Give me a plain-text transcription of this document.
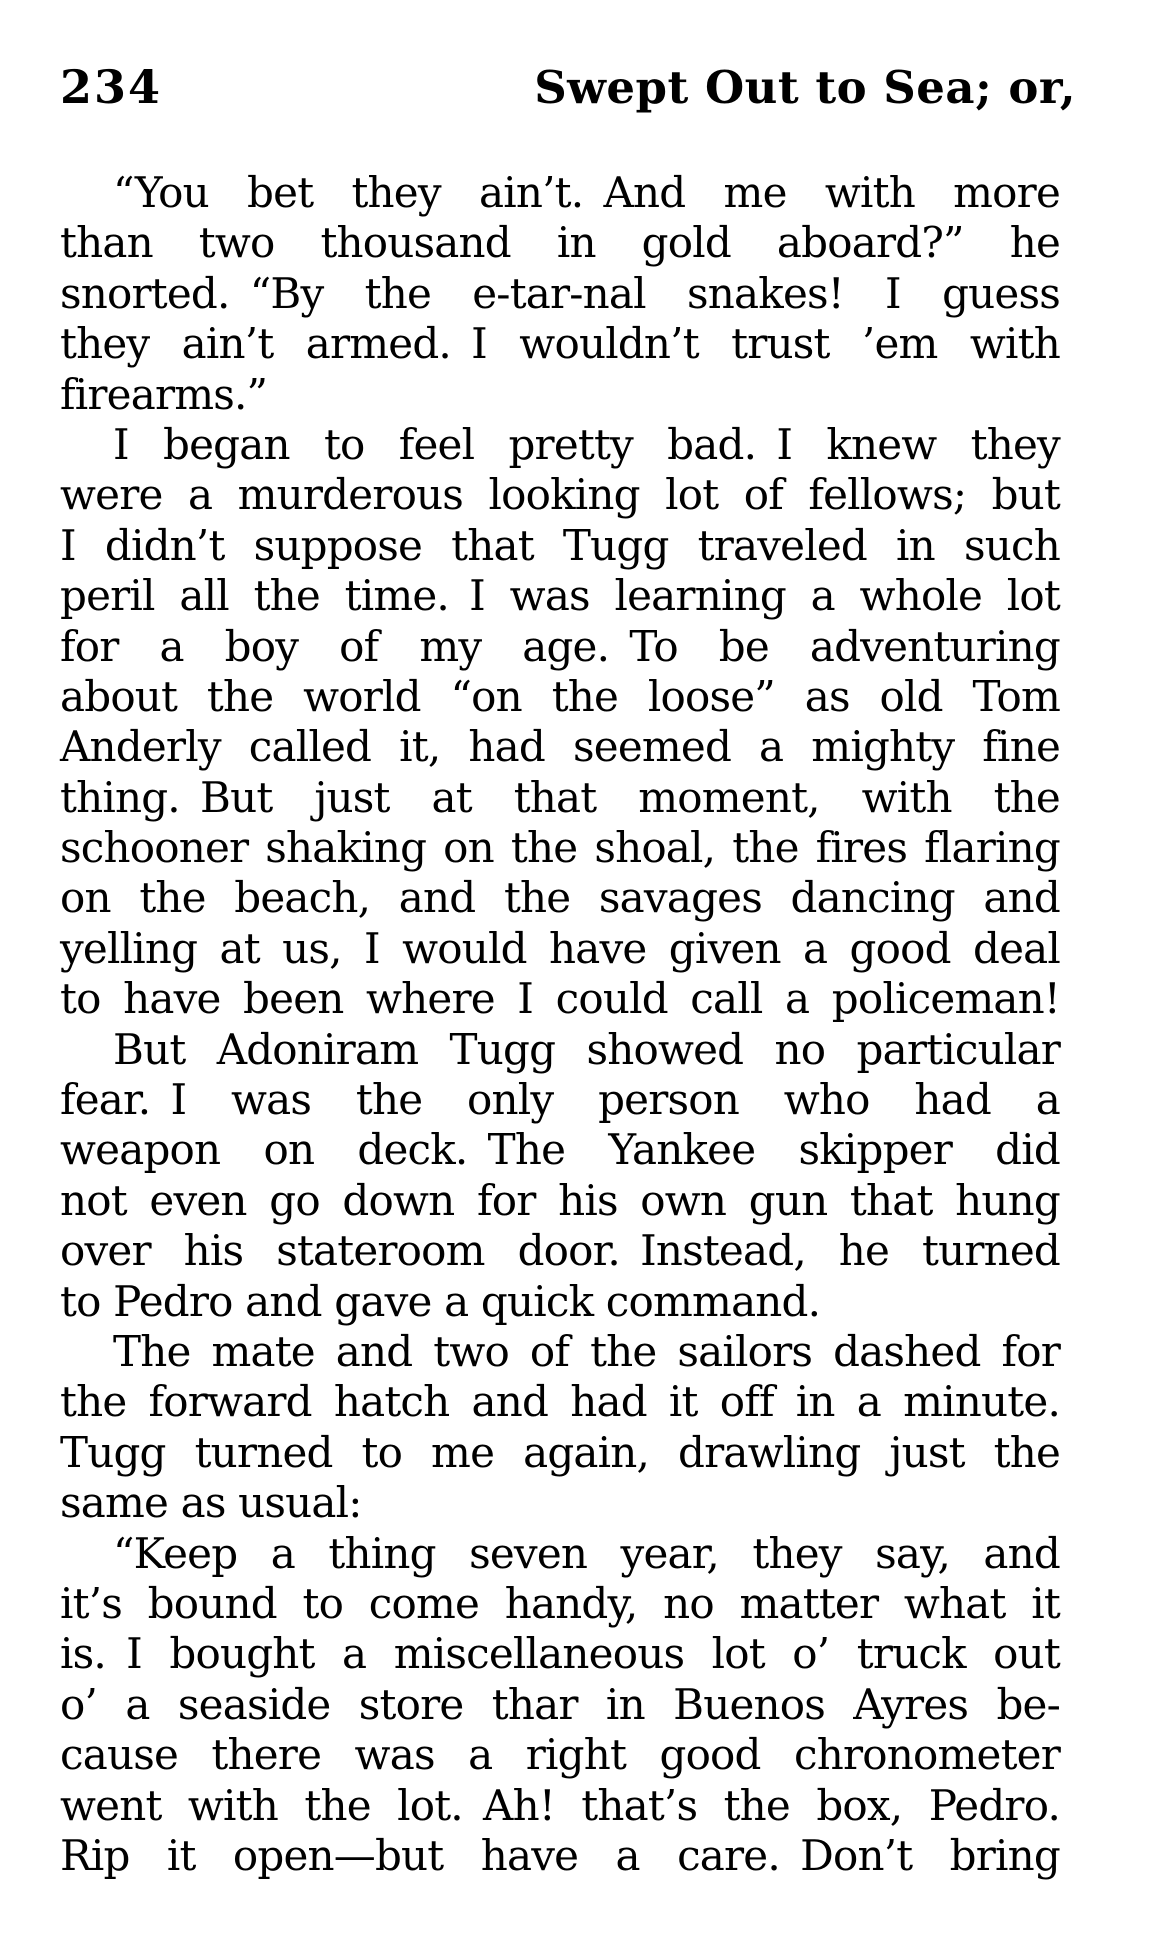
234	Swept Out to Sea; or,
“You bet they ain’t. And me with more
than two thousand in gold aboard?” he
snorted. “By the e-tar-nal snakes! I guess
they ain’t armed. I wouldn’t trust ’em with
firearms.”
I began to feel pretty bad. I knew they
were a murderous looking lot of fellows; but
I didn’t suppose that Tugg traveled in such
peril all the time. I was learning a whole lot
for a boy of my age. To be adventuring
about the world “on the loose” as old Tom
Anderly called it, had seemed a mighty fine
thing. But just at that moment, with the
schooner shaking on the shoal, the fires flaring
on the beach, and the savages dancing and
yelling at us, I would have given a good deal
to have been where I could call a policeman!
But Adoniram Tugg showed no particular
fear. I was the only person who had a
weapon on deck. The Yankee skipper did
not even go down for his own gun that hung
over his stateroom door. Instead, he turned
to Pedro and gave a quick command.
The mate and two of the sailors dashed for
the forward hatch and had it off in a minute.
Tugg turned to me again, drawling just the
same as usual:
“Keep a thing seven year, they say, and
it’s bound to come handy, no matter what it
is. I bought a miscellaneous lot o’ truck out
o’ a seaside store thar in Buenos Ayres be-
cause there was a right good chronometer
went with the lot. Ah! that’s the box, Pedro.
Rip it open—but have a care. Don’t bring
